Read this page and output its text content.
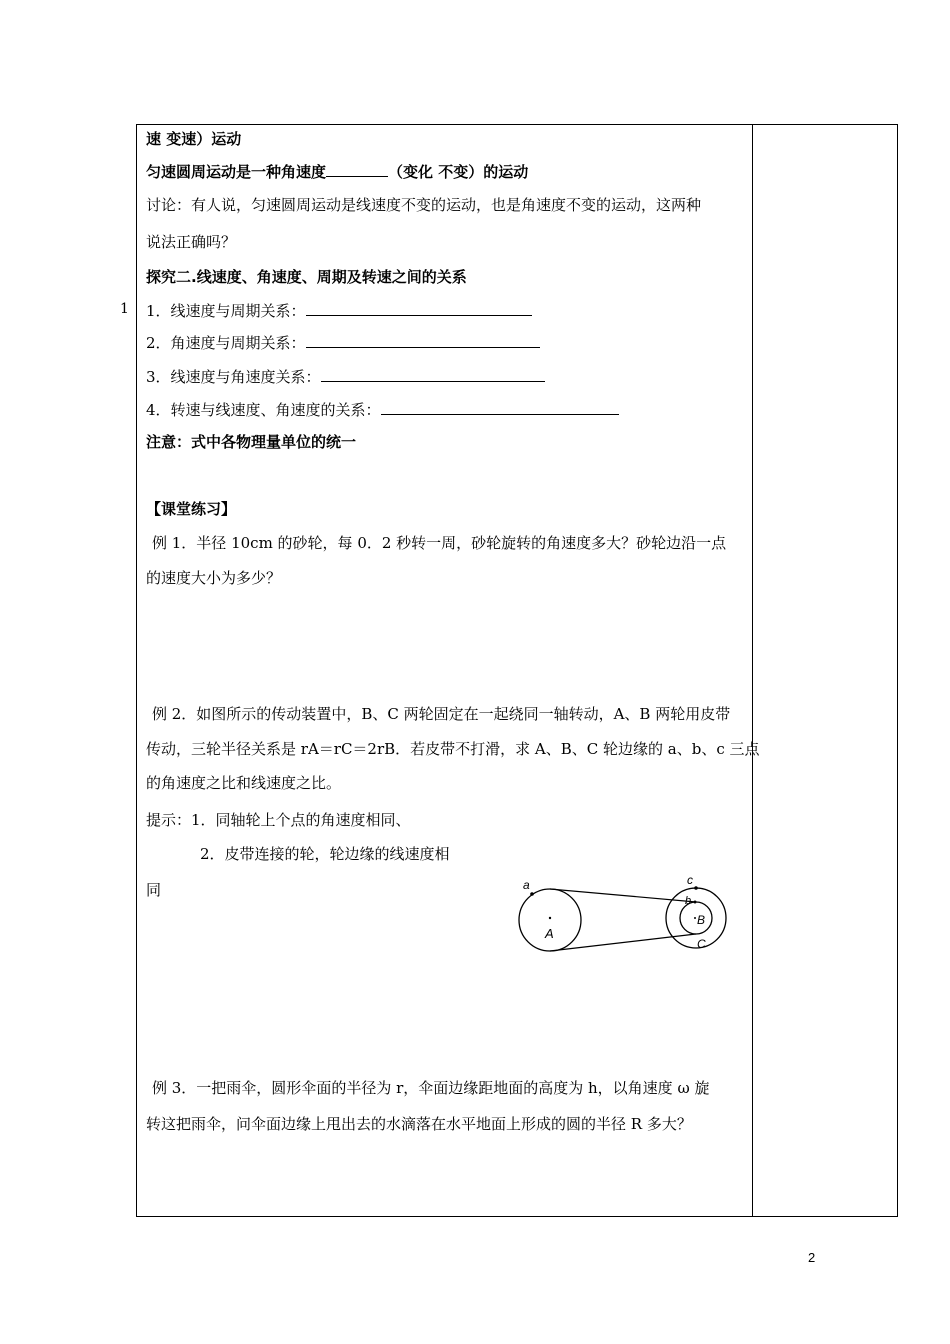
1
速 变速）运动
匀速圆周运动是一种角速度	（变化 不变）的运动
讨论：有人说，匀速圆周运动是线速度不变的运动，也是角速度不变的运动，这两种
说法正确吗？
探究二.线速度、角速度、周期及转速之间的关系
1．线速度与周期关系：
2．角速度与周期关系：
3．线速度与角速度关系：
4．转速与线速度、角速度的关系：
注意：式中各物理量单位的统一
【课堂练习】
例 1．半径 10cm 的砂轮，每 0．2 秒转一周，砂轮旋转的角速度多大？砂轮边沿一点
的速度大小为多少？
例 2．如图所示的传动装置中，B、C 两轮固定在一起绕同一轴转动，A、B 两轮用皮带
传动，三轮半径关系是 rA＝rC＝2rB．若皮带不打滑，求 A、B、C 轮边缘的 a、b、c 三点
的角速度之比和线速度之比。
提示：1．同轴轮上个点的角速度相同、
2．皮带连接的轮，轮边缘的线速度相
同	a
A
c
b
B
C
例 3．一把雨伞，圆形伞面的半径为 r，伞面边缘距地面的高度为 h，以角速度 ω 旋
转这把雨伞，问伞面边缘上甩出去的水滴落在水平地面上形成的圆的半径 R 多大？
2
